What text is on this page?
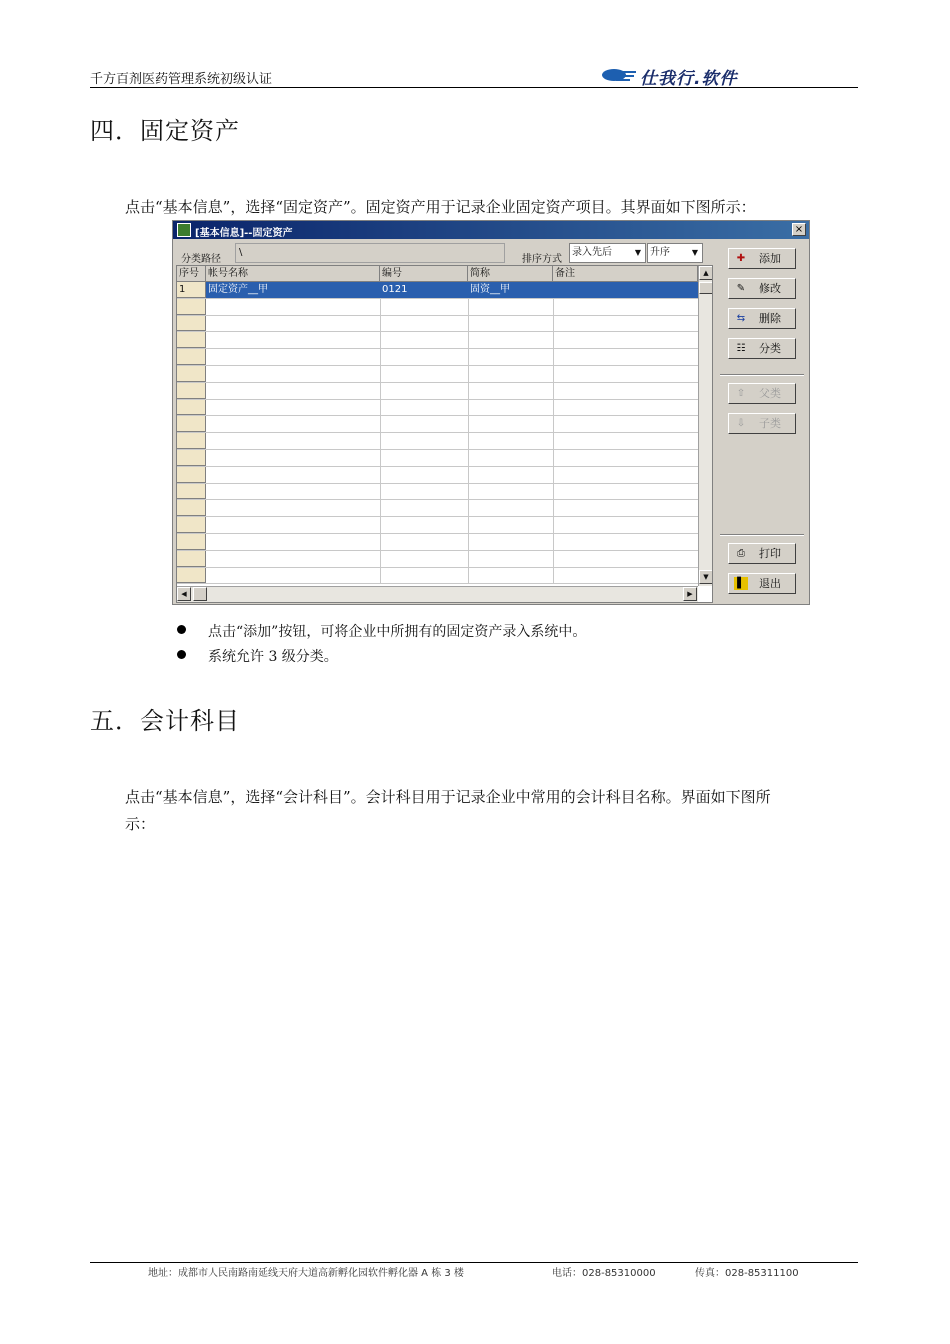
千方百剂医药管理系统初级认证	仕我行.软件
四．固定资产
点击“基本信息”，选择“固定资产”。固定资产用于记录企业固定资产项目。其界面如下图所示：
[基本信息]--固定资产	×
分类路径
\
排序方式
录入先后	▼ 升序	▼
序号 帐号名称	编号	简称	备注
1	固定资产__甲	0121	固资__甲
▲
▼
◀	▶
✚ 添加
✎ 修改
⇆ 删除
☷ 分类
⇧ 父类
⇩ 子类
⎙ 打印
▌ 退出
点击“添加”按钮，可将企业中所拥有的固定资产录入系统中。
系统允许 3 级分类。
五．会计科目
点击“基本信息”，选择“会计科目”。会计科目用于记录企业中常用的会计科目名称。界面如下图所
示：
地址：成都市人民南路南延线天府大道高新孵化园软件孵化器 A 栋 3 楼	电话：028-85310000	传真：028-85311100
